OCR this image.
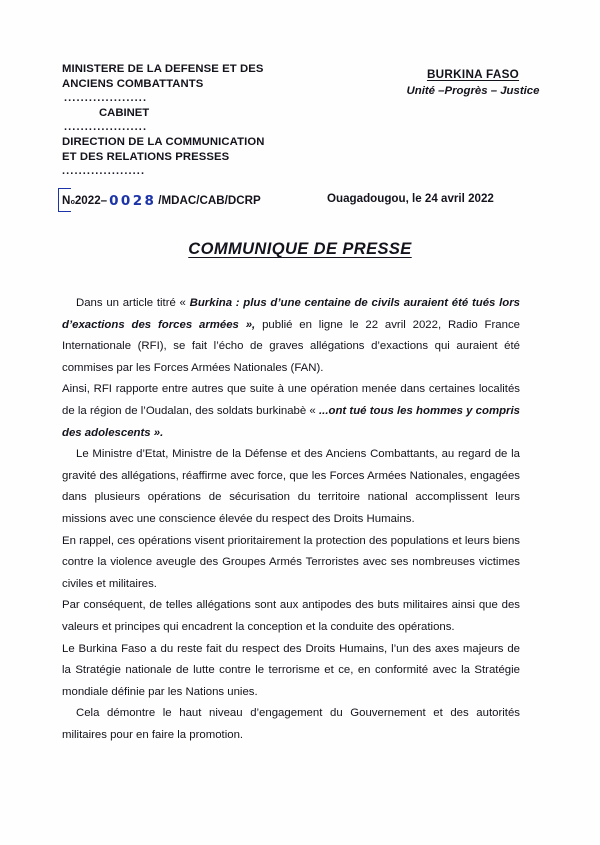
MINISTERE DE LA DEFENSE ET DES
ANCIENS COMBATTANTS
....................
CABINET
....................
DIRECTION DE LA COMMUNICATION
ET DES RELATIONS PRESSES
....................
BURKINA FASO
Unité –Progrès – Justice
N o 2022– 0028 /MDAC/CAB/DCRP	Ouagadougou, le 24 avril 2022
COMMUNIQUE DE PRESSE

Dans un article titré « Burkina : plus d’une centaine de civils auraient été tués lors d’exactions des forces armées », publié en ligne le 22 avril 2022, Radio France Internationale (RFI), se fait l’écho de graves allégations d’exactions qui auraient été commises par les Forces Armées Nationales (FAN).

Ainsi, RFI rapporte entre autres que suite à une opération menée dans certaines localités de la région de l’Oudalan, des soldats burkinabè « ...ont tué tous les hommes y compris des adolescents ».

Le Ministre d’Etat, Ministre de la Défense et des Anciens Combattants, au regard de la gravité des allégations, réaffirme avec force, que les Forces Armées Nationales, engagées dans plusieurs opérations de sécurisation du territoire national accomplissent leurs missions avec une conscience élevée du respect des Droits Humains.

En rappel, ces opérations visent prioritairement la protection des populations et leurs biens contre la violence aveugle des Groupes Armés Terroristes avec ses nombreuses victimes civiles et militaires.

Par conséquent, de telles allégations sont aux antipodes des buts militaires ainsi que des valeurs et principes qui encadrent la conception et la conduite des opérations.

Le Burkina Faso a du reste fait du respect des Droits Humains, l’un des axes majeurs de la Stratégie nationale de lutte contre le terrorisme et ce, en conformité avec la Stratégie mondiale définie par les Nations unies.

Cela démontre le haut niveau d’engagement du Gouvernement et des autorités militaires pour en faire la promotion.
